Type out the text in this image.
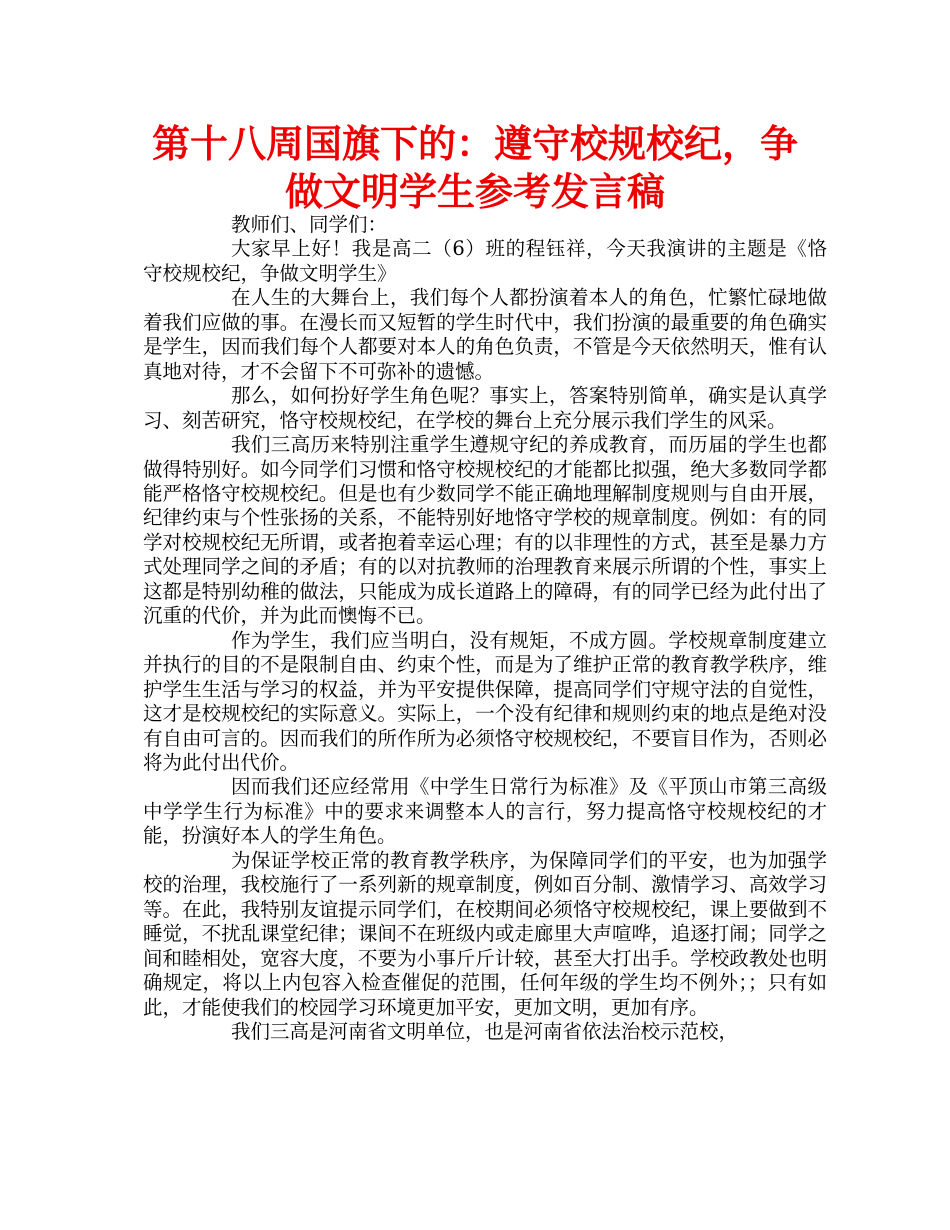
第十八周国旗下的：遵守校规校纪，争做文明学生参考发言稿

教师们、同学们：

大家早上好！我是高二（6）班的程钰祥，今天我演讲的主题是《恪守校规校纪，争做文明学生》

在人生的大舞台上，我们每个人都扮演着本人的角色，忙繁忙碌地做着我们应做的事。在漫长而又短暂的学生时代中，我们扮演的最重要的角色确实是学生，因而我们每个人都要对本人的角色负责，不管是今天依然明天，惟有认真地对待，才不会留下不可弥补的遗憾。

那么，如何扮好学生角色呢？事实上，答案特别简单，确实是认真学习、刻苦研究，恪守校规校纪，在学校的舞台上充分展示我们学生的风采。

我们三高历来特别注重学生遵规守纪的养成教育，而历届的学生也都做得特别好。如今同学们习惯和恪守校规校纪的才能都比拟强，绝大多数同学都能严格恪守校规校纪。但是也有少数同学不能正确地理解制度规则与自由开展，纪律约束与个性张扬的关系，不能特别好地恪守学校的规章制度。例如：有的同学对校规校纪无所谓，或者抱着幸运心理；有的以非理性的方式，甚至是暴力方式处理同学之间的矛盾；有的以对抗教师的治理教育来展示所谓的个性，事实上这都是特别幼稚的做法，只能成为成长道路上的障碍，有的同学已经为此付出了沉重的代价，并为此而懊悔不已。

作为学生，我们应当明白，没有规矩，不成方圆。学校规章制度建立并执行的目的不是限制自由、约束个性，而是为了维护正常的教育教学秩序，维护学生生活与学习的权益，并为平安提供保障，提高同学们守规守法的自觉性，这才是校规校纪的实际意义。实际上，一个没有纪律和规则约束的地点是绝对没有自由可言的。因而我们的所作所为必须恪守校规校纪，不要盲目作为，否则必将为此付出代价。

因而我们还应经常用《中学生日常行为标准》及《平顶山市第三高级中学学生行为标准》中的要求来调整本人的言行，努力提高恪守校规校纪的才能，扮演好本人的学生角色。

为保证学校正常的教育教学秩序，为保障同学们的平安，也为加强学校的治理，我校施行了一系列新的规章制度，例如百分制、激情学习、高效学习等。在此，我特别友谊提示同学们，在校期间必须恪守校规校纪，课上要做到不睡觉，不扰乱课堂纪律；课间不在班级内或走廊里大声喧哗，追逐打闹；同学之间和睦相处，宽容大度，不要为小事斤斤计较，甚至大打出手。学校政教处也明确规定，将以上内包容入检查催促的范围，任何年级的学生均不例外；；只有如此，才能使我们的校园学习环境更加平安，更加文明，更加有序。

我们三高是河南省文明单位，也是河南省依法治校示范校，
